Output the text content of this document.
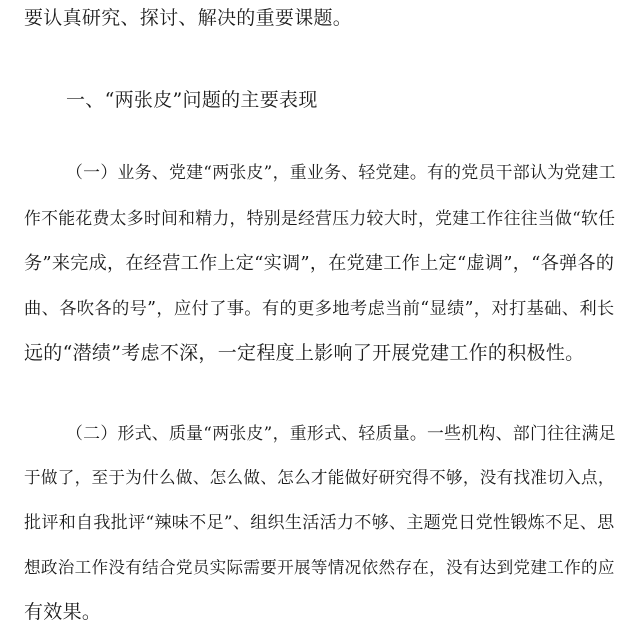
要认真研究、探讨、解决的重要课题。
一、“两张皮”问题的主要表现
（一）业务、党建“两张皮”，重业务、轻党建。有的党员干部认为党建工
作不能花费太多时间和精力，特别是经营压力较大时，党建工作往往当做“软任
务”来完成，在经营工作上定“实调”，在党建工作上定“虚调”，“各弹各的
曲、各吹各的号”，应付了事。有的更多地考虑当前“显绩”，对打基础、利长
远的“潜绩”考虑不深，一定程度上影响了开展党建工作的积极性。
（二）形式、质量“两张皮”，重形式、轻质量。一些机构、部门往往满足
于做了，至于为什么做、怎么做、怎么才能做好研究得不够，没有找准切入点，
批评和自我批评“辣味不足”、组织生活活力不够、主题党日党性锻炼不足、思
想政治工作没有结合党员实际需要开展等情况依然存在，没有达到党建工作的应
有效果。
